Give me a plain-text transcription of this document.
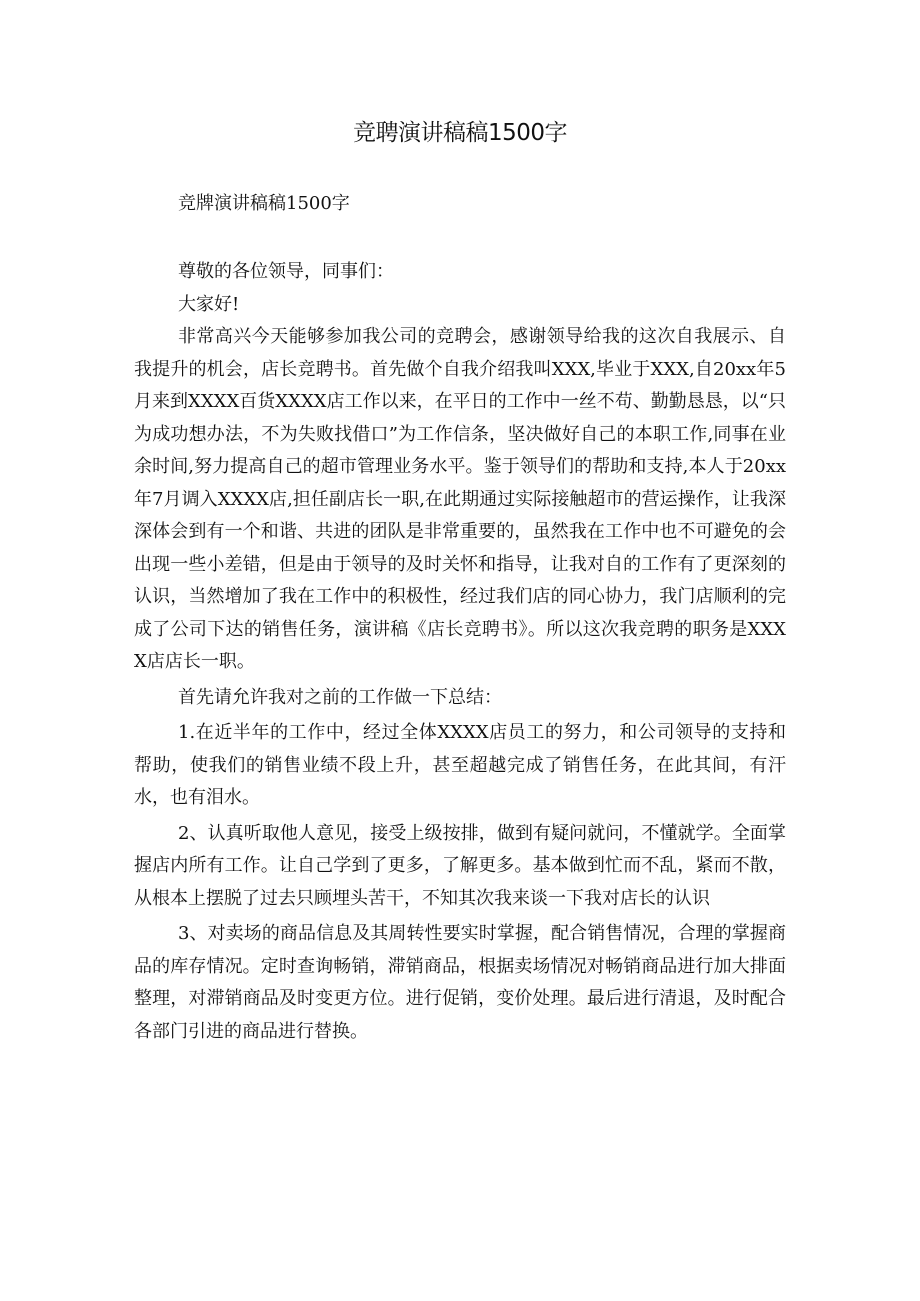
竞聘演讲稿稿1500字

竞牌演讲稿稿1500字

尊敬的各位领导，同事们：

大家好!

非常高兴今天能够参加我公司的竞聘会，感谢领导给我的这次自我展示、自我提升的机会，店长竞聘书。首先做个自我介绍我叫XXX,毕业于XXX,自20xx年5月来到XXXX百货XXXX店工作以来，在平日的工作中一丝不苟、勤勤恳恳，以“只为成功想办法，不为失败找借口”为工作信条，坚决做好自己的本职工作,同事在业余时间,努力提高自己的超市管理业务水平。鉴于领导们的帮助和支持,本人于20xx年7月调入XXXX店,担任副店长一职,在此期通过实际接触超市的营运操作，让我深深体会到有一个和谐、共进的团队是非常重要的，虽然我在工作中也不可避免的会出现一些小差错，但是由于领导的及时关怀和指导，让我对自的工作有了更深刻的认识，当然增加了我在工作中的积极性，经过我们店的同心协力，我门店顺利的完成了公司下达的销售任务，演讲稿《店长竞聘书》。所以这次我竞聘的职务是XXXX店店长一职。

首先请允许我对之前的工作做一下总结：

1.在近半年的工作中，经过全体XXXX店员工的努力，和公司领导的支持和帮助，使我们的销售业绩不段上升，甚至超越完成了销售任务，在此其间，有汗水，也有泪水。

2、认真听取他人意见，接受上级按排，做到有疑问就问，不懂就学。全面掌握店内所有工作。让自己学到了更多，了解更多。基本做到忙而不乱，紧而不散，从根本上摆脱了过去只顾埋头苦干，不知其次我来谈一下我对店长的认识

3、对卖场的商品信息及其周转性要实时掌握，配合销售情况，合理的掌握商品的库存情况。定时查询畅销，滞销商品，根据卖场情况对畅销商品进行加大排面整理，对滞销商品及时变更方位。进行促销，变价处理。最后进行清退，及时配合各部门引进的商品进行替换。
